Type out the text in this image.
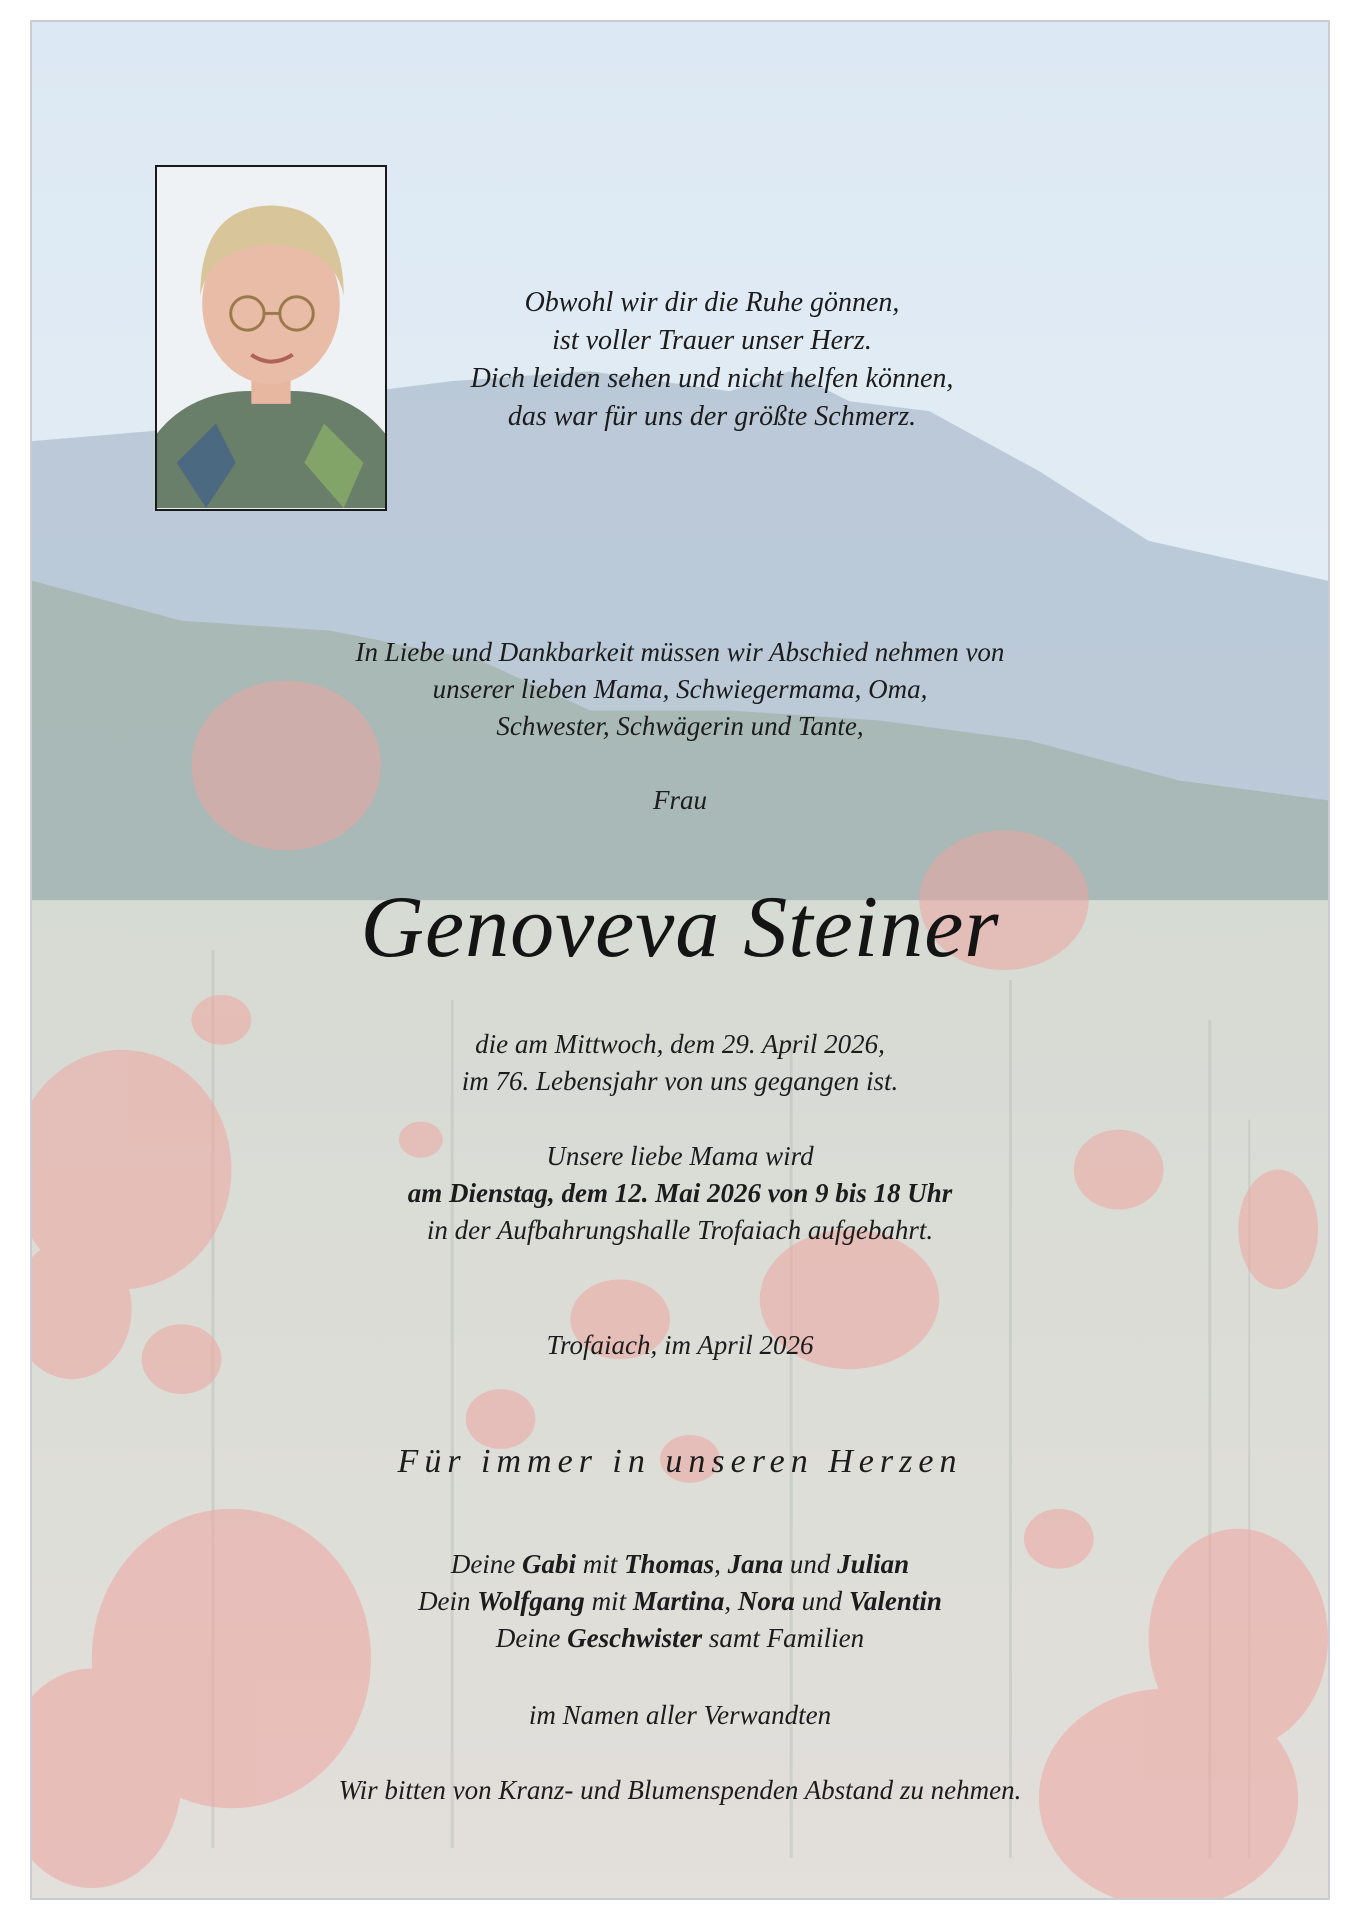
Obwohl wir dir die Ruhe gönnen,
ist voller Trauer unser Herz.
Dich leiden sehen und nicht helfen können,
das war für uns der größte Schmerz.
In Liebe und Dankbarkeit müssen wir Abschied nehmen von
unserer lieben Mama, Schwiegermama, Oma,
Schwester, Schwägerin und Tante,
Frau
Genoveva Steiner
die am Mittwoch, dem 29. April 2026,
im 76. Lebensjahr von uns gegangen ist.
Unsere liebe Mama wird
am Dienstag, dem 12. Mai 2026 von 9 bis 18 Uhr
in der Aufbahrungshalle Trofaiach aufgebahrt.
Trofaiach, im April 2026
Für immer in unseren Herzen
Deine Gabi mit Thomas, Jana und Julian
Dein Wolfgang mit Martina, Nora und Valentin
Deine Geschwister samt Familien
im Namen aller Verwandten
Wir bitten von Kranz- und Blumenspenden Abstand zu nehmen.
